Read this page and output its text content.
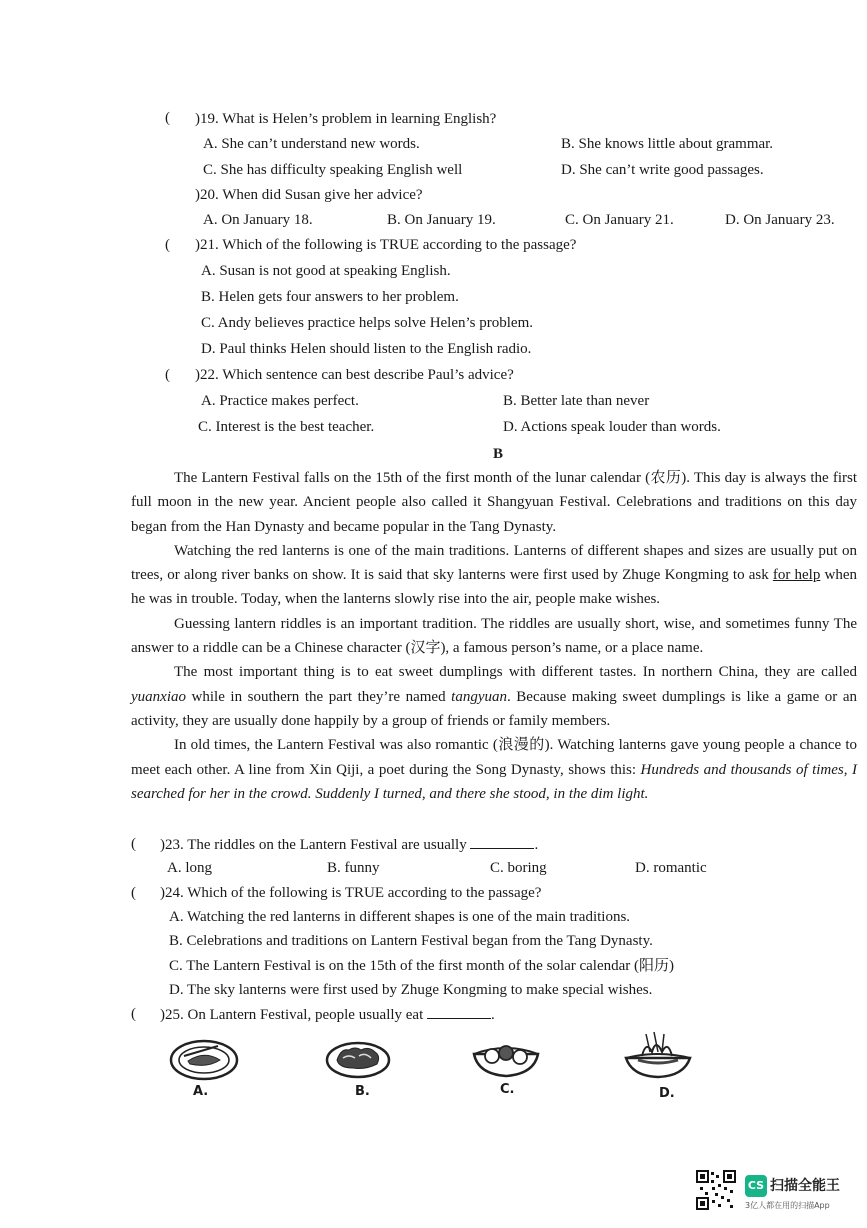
( )19. What is Helen’s problem in learning English?
A. She can’t understand new words.	B. She knows little about grammar.
C. She has difficulty speaking English well	D. She can’t write good passages.
)20. When did Susan give her advice?
A. On January 18.	B. On January 19.	C. On January 21.	D. On January 23.
( )21. Which of the following is TRUE according to the passage?
A. Susan is not good at speaking English.
B. Helen gets four answers to her problem.
C. Andy believes practice helps solve Helen’s problem.
D. Paul thinks Helen should listen to the English radio.
( )22. Which sentence can best describe Paul’s advice?
A. Practice makes perfect.	B. Better late than never
C. Interest is the best teacher.	D. Actions speak louder than words.
B

The Lantern Festival falls on the 15th of the first month of the lunar calendar (农历). This day is always the first full moon in the new year. Ancient people also called it Shangyuan Festival. Celebrations and traditions on this day began from the Han Dynasty and became popular in the Tang Dynasty.

Watching the red lanterns is one of the main traditions. Lanterns of different shapes and sizes are usually put on trees, or along river banks on show. It is said that sky lanterns were first used by Zhuge Kongming to ask for help when he was in trouble. Today, when the lanterns slowly rise into the air, people make wishes.

Guessing lantern riddles is an important tradition. The riddles are usually short, wise, and sometimes funny The answer to a riddle can be a Chinese character (汉字), a famous person’s name, or a place name.

The most important thing is to eat sweet dumplings with different tastes. In northern China, they are called yuanxiao while in southern the part they’re named tangyuan. Because making sweet dumplings is like a game or an activity, they are usually done happily by a group of friends or family members.

In old times, the Lantern Festival was also romantic (浪漫的). Watching lanterns gave young people a chance to meet each other. A line from Xin Qiji, a poet during the Song Dynasty, shows this: Hundreds and thousands of times, I searched for her in the crowd. Suddenly I turned, and there she stood, in the dim light.

( )23. The riddles on the Lantern Festival are usually	.
A. long	B. funny	C. boring	D. romantic
( )24. Which of the following is TRUE according to the passage?
A. Watching the red lanterns in different shapes is one of the main traditions.
B. Celebrations and traditions on Lantern Festival began from the Tang Dynasty.
C. The Lantern Festival is on the 15th of the first month of the solar calendar (阳历)
D. The sky lanterns were first used by Zhuge Kongming to make special wishes.
( )25. On Lantern Festival, people usually eat	.
A.	B.	C.	D.
CS 扫描全能王
3亿人都在用的扫描App
